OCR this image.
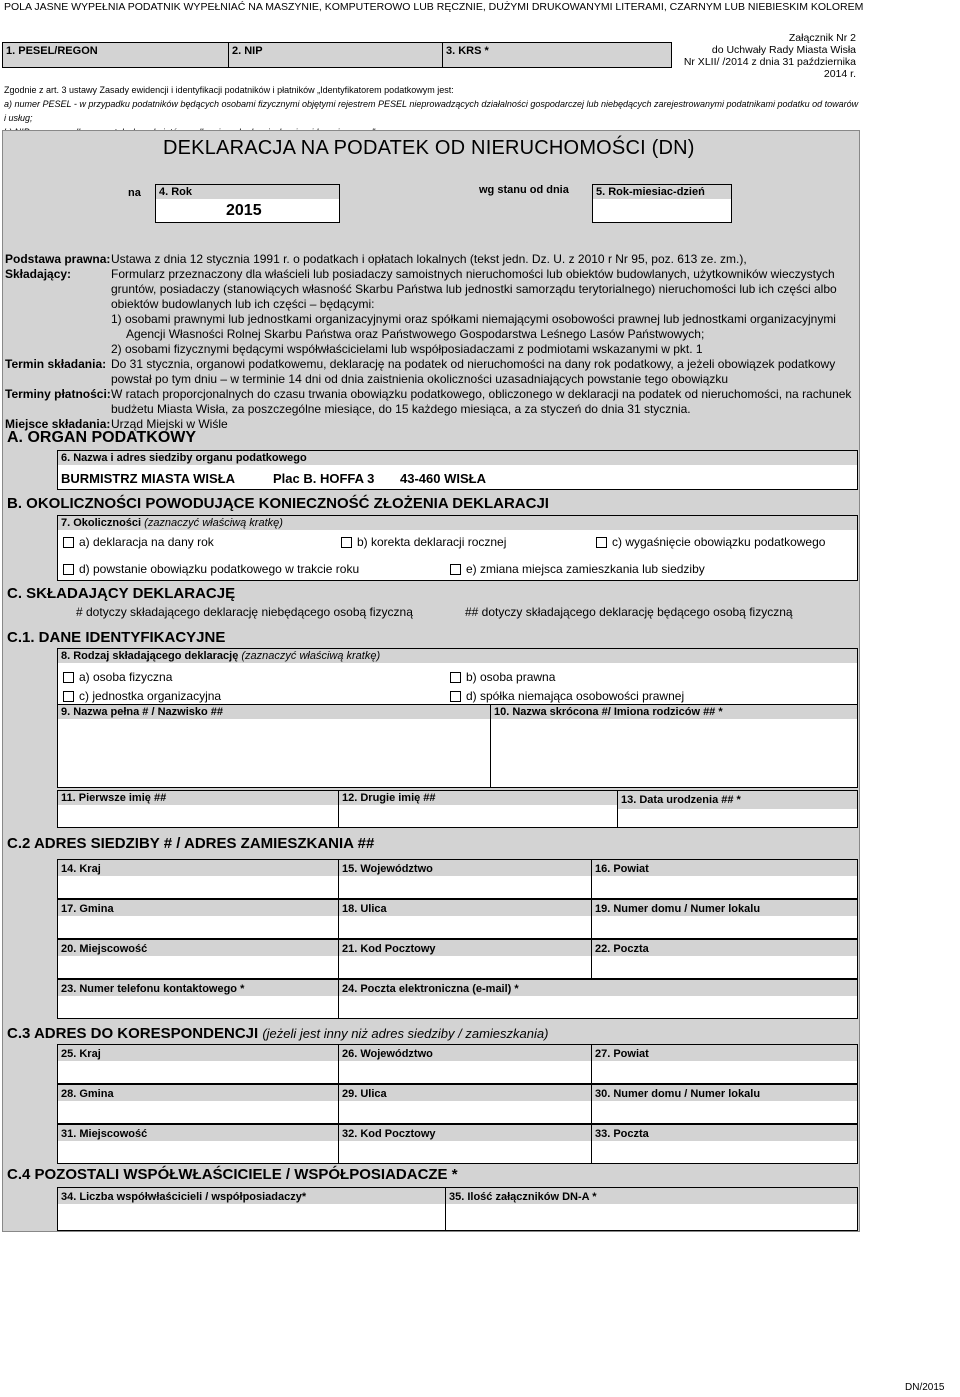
POLA JASNE WYPEŁNIA PODATNIK WYPEŁNIAĆ NA MASZYNIE, KOMPUTEROWO LUB RĘCZNIE, DUŻYMI DRUKOWANYMI LITERAMI, CZARNYM LUB NIEBIESKIM KOLOREM
1. PESEL/REGON	2. NIP	3. KRS *
Załącznik Nr 2
do Uchwały Rady Miasta Wisła
Nr XLII/ /2014 z dnia 31 października 2014 r.
Zgodnie z art. 3 ustawy Zasady ewidencji i identyfikacji podatników i płatników „Identyfikatorem podatkowym jest:
a) numer PESEL - w przypadku podatników będących osobami fizycznymi objętymi rejestrem PESEL nieprowadzących działalności gospodarczej lub niebędących zarejestrowanymi podatnikami podatku od towarów i usług;
DEKLARACJA NA PODATEK OD NIERUCHOMOŚCI (DN)
na 4. Rok
2015
wg stanu od dnia 5. Rok-miesiac-dzień
Podstawa prawna: Ustawa z dnia 12 stycznia 1991 r. o podatkach i opłatach lokalnych (tekst jedn. Dz. U. z 2010 r Nr 95, poz. 613 ze. zm.),
Składający:	Formularz przeznaczony dla właścieli lub posiadaczy samoistnych nieruchomości lub obiektów budowlanych, użytkowników wieczystych
gruntów, posiadaczy (stanowiących własność Skarbu Państwa lub jednostki samorządu terytorialnego) nieruchomości lub ich części albo
obiektów budowlanych lub ich części – będącymi:
1) osobami prawnymi lub jednostkami organizacyjnymi oraz spółkami niemającymi osobowości prawnej lub jednostkami organizacyjnymi
Agencji Własności Rolnej Skarbu Państwa oraz Państwowego Gospodarstwa Leśnego Lasów Państwowych;
2) osobami fizycznymi będącymi współwłaścicielami lub współposiadaczami z podmiotami wskazanymi w pkt. 1
Termin składania: Do 31 stycznia, organowi podatkowemu, deklarację na podatek od nieruchomości na dany rok podatkowy, a jeżeli obowiązek podatkowy
powstał po tym dniu – w terminie 14 dni od dnia zaistnienia okoliczności uzasadniających powstanie tego obowiązku
Terminy płatności: W ratach proporcjonalnych do czasu trwania obowiązku podatkowego, obliczonego w deklaracji na podatek od nieruchomości, na rachunek
budżetu Miasta Wisła, za poszczególne miesiące, do 15 każdego miesiąca, a za styczeń do dnia 31 stycznia.
Miejsce składania: Urząd Miejski w Wiśle
A. ORGAN PODATKOWY
6. Nazwa i adres siedziby organu podatkowego
BURMISTRZ MIASTA WISŁA	Plac B. HOFFA 3 43-460 WISŁA
B. OKOLICZNOŚCI POWODUJĄCE KONIECZNOŚĆ ZŁOŻENIA DEKLARACJI
7. Okoliczności (zaznaczyć właściwą kratkę)
a) deklaracja na dany rok	b) korekta deklaracji rocznej	c) wygaśnięcie obowiązku podatkowego
d) powstanie obowiązku podatkowego w trakcie roku	e) zmiana miejsca zamieszkania lub siedziby
C. SKŁADAJĄCY DEKLARACJĘ
# dotyczy składającego deklarację niebędącego osobą fizyczną	## dotyczy składającego deklarację będącego osobą fizyczną
C.1. DANE IDENTYFIKACYJNE
8. Rodzaj składającego deklarację (zaznaczyć właściwą kratkę)
a) osoba fizyczna	b) osoba prawna
c) jednostka organizacyjna	d) spółka niemająca osobowości prawnej
9. Nazwa pełna # / Nazwisko ##	10. Nazwa skrócona #/ Imiona rodziców ## *
11. Pierwsze imię ##	12. Drugie imię ##	13. Data urodzenia ## *
C.2 ADRES SIEDZIBY # / ADRES ZAMIESZKANIA ##
14. Kraj	15. Województwo	16. Powiat
17. Gmina	18. Ulica	19. Numer domu / Numer lokalu
20. Miejscowość	21. Kod Pocztowy	22. Poczta
23. Numer telefonu kontaktowego *	24. Poczta elektroniczna (e-mail) *
C.3 ADRES DO KORESPONDENCJI (jeżeli jest inny niż adres siedziby / zamieszkania)
25. Kraj	26. Województwo	27. Powiat
28. Gmina	29. Ulica	30. Numer domu / Numer lokalu
31. Miejscowość	32. Kod Pocztowy	33. Poczta
C.4 POZOSTALI WSPÓŁWŁAŚCICIELE / WSPÓŁPOSIADACZE *
34. Liczba współwłaścicieli / współposiadaczy*	35. Ilość załączników DN-A *
DN/2015
